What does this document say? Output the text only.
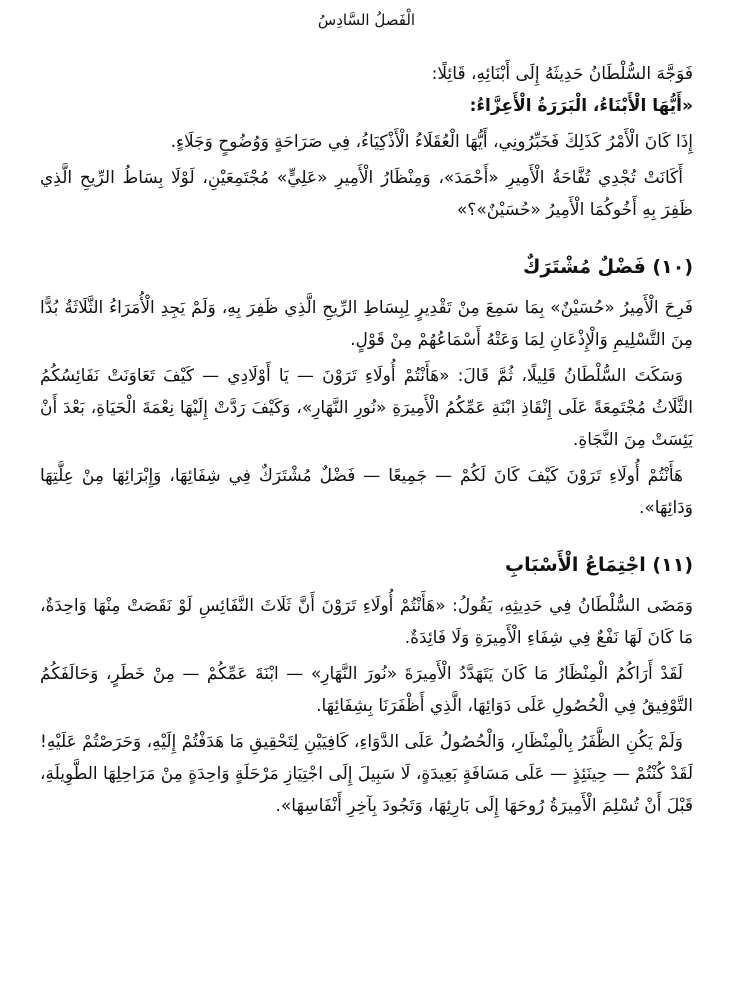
الْفَصلُ السَّادِسُ
فَوَجَّهَ السُّلْطَانُ حَدِيثَهُ إِلَى أَبْنَائِهِ، قَائِلًا:
«أَيُّهَا الْأَبْنَاءُ، الْبَرَرَةُ الْأَعِزَّاءُ:

إِذَا كَانَ الْأَمْرُ كَذَلِكَ فَخَبِّرُونِي، أَيُّهَا الْعُقَلَاءُ الْأَذْكِيَاءُ، فِي صَرَاحَةٍ وَوُضُوحٍ وَجَلَاءٍ.

أَكَانَتْ تُجْدِي تُفَّاحَةُ الْأَمِيرِ «أَحْمَدَ»، وَمِنْظَارُ الْأَمِيرِ «عَلِيٍّ» مُجْتَمِعَيْنِ، لَوْلَا بِسَاطُ الرِّيحِ الَّذِي ظَفِرَ بِهِ أَخُوكُمَا الْأَمِيرُ «حُسَيْنٌ»؟»

(١٠) فَضْلٌ مُشْتَرَكٌ

فَرِحَ الْأَمِيرُ «حُسَيْنٌ» بِمَا سَمِعَ مِنْ تَقْدِيرٍ لِبِسَاطِ الرِّيحِ الَّذِي ظَفِرَ بِهِ، وَلَمْ يَجِدِ الْأُمَرَاءُ الثَّلَاثَةُ بُدًّا مِنَ التَّسْلِيمِ وَالْإِذْعَانِ لِمَا وَعَتْهُ أَسْمَاعُهُمْ مِنْ قَوْلٍ.

وَسَكَتَ السُّلْطَانُ قَلِيلًا، ثُمَّ قَالَ: «هَأَنْتُمْ أُولَاءِ تَرَوْنَ — يَا أَوْلَادِي — كَيْفَ تَعَاوَنَتْ نَفَائِسُكُمُ الثَّلَاثُ مُجْتَمِعَةً عَلَى إِنْقَاذِ ابْنَةِ عَمِّكُمُ الْأَمِيرَةِ «نُورِ النَّهَارِ»، وَكَيْفَ رَدَّتْ إِلَيْهَا نِعْمَةَ الْحَيَاةِ، بَعْدَ أَنْ يَئِسَتْ مِنَ النَّجَاةِ.

هَأَنْتُمْ أُولَاءِ تَرَوْنَ كَيْفَ كَانَ لَكُمْ — جَمِيعًا — فَضْلٌ مُشْتَرَكٌ فِي شِفَائِهَا، وَإِبْرَائِهَا مِنْ عِلَّتِهَا وَدَائِهَا».

(١١) اجْتِمَاعُ الْأَسْبَابِ

وَمَضَى السُّلْطَانُ فِي حَدِيثِهِ، يَقُولُ: «هَأَنْتُمْ أُولَاءِ تَرَوْنَ أَنَّ ثَلَاثَ النَّفَائِسِ لَوْ نَقَصَتْ مِنْهَا وَاحِدَةٌ، مَا كَانَ لَهَا نَفْعٌ فِي شِفَاءِ الْأَمِيرَةِ وَلَا فَائِدَةٌ.

لَقَدْ أَرَاكُمُ الْمِنْظَارُ مَا كَانَ يَتَهَدَّدُ الْأَمِيرَةَ «نُورَ النَّهَارِ» — ابْنَةَ عَمِّكُمْ — مِنْ خَطَرٍ، وَحَالَفَكُمُ التَّوْفِيقُ فِي الْحُصُولِ عَلَى دَوَائِهَا، الَّذِي أَظْفَرَنَا بِشِفَائِهَا.

وَلَمْ يَكُنِ الظَّفَرُ بِالْمِنْظَارِ، وَالْحُصُولُ عَلَى الدَّوَاءِ، كَافِيَيْنِ لِتَحْقِيقِ مَا هَدَفْتُمْ إِلَيْهِ، وَحَرَصْتُمْ عَلَيْهِ! لَقَدْ كُنْتُمْ — حِينَئِذٍ — عَلَى مَسَافَةٍ بَعِيدَةٍ، لَا سَبِيلَ إِلَى اجْتِيَازِ مَرْحَلَةٍ وَاحِدَةٍ مِنْ مَرَاحِلِهَا الطَّوِيلَةِ، قَبْلَ أَنْ تُسْلِمَ الْأَمِيرَةُ رُوحَهَا إِلَى بَارِئِهَا، وَتَجُودَ بِآخِرِ أَنْفَاسِهَا».
